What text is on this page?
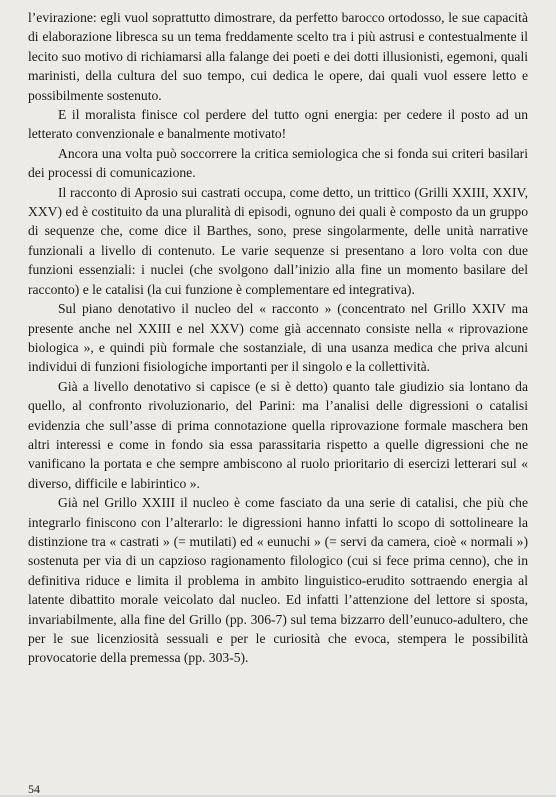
l’evirazione: egli vuol soprattutto dimostrare, da perfetto barocco ortodosso, le sue capacità di elaborazione libresca su un tema freddamente scelto tra i più astrusi e contestualmente il lecito suo motivo di richiamarsi alla falange dei poeti e dei dotti illusionisti, egemoni, quali marinisti, della cultura del suo tempo, cui dedica le opere, dai quali vuol essere letto e possibilmente sostenuto.

E il moralista finisce col perdere del tutto ogni energia: per cedere il posto ad un letterato convenzionale e banalmente motivato!

Ancora una volta può soccorrere la critica semiologica che si fonda sui criteri basilari dei processi di comunicazione.

Il racconto di Aprosio sui castrati occupa, come detto, un trittico (Grilli XXIII, XXIV, XXV) ed è costituito da una pluralità di episodi, ognuno dei quali è composto da un gruppo di sequenze che, come dice il Barthes, sono, prese singolarmente, delle unità narrative funzionali a livello di contenuto. Le varie sequenze si presentano a loro volta con due funzioni essenziali: i nuclei (che svolgono dall’inizio alla fine un momento basilare del racconto) e le catalisi (la cui funzione è complementare ed integrativa).

Sul piano denotativo il nucleo del « racconto » (concentrato nel Grillo XXIV ma presente anche nel XXIII e nel XXV) come già accennato consiste nella « riprovazione biologica », e quindi più formale che sostanziale, di una usanza medica che priva alcuni individui di funzioni fisiologiche importanti per il singolo e la collettività.

Già a livello denotativo si capisce (e si è detto) quanto tale giudizio sia lontano da quello, al confronto rivoluzionario, del Parini: ma l’analisi delle digressioni o catalisi evidenzia che sull’asse di prima connotazione quella riprovazione formale maschera ben altri interessi e come in fondo sia essa parassitaria rispetto a quelle digressioni che ne vanificano la portata e che sempre ambiscono al ruolo prioritario di esercizi letterari sul « diverso, difficile e labirintico ».

Già nel Grillo XXIII il nucleo è come fasciato da una serie di catalisi, che più che integrarlo finiscono con l’alterarlo: le digressioni hanno infatti lo scopo di sottolineare la distinzione tra « castrati » (= mutilati) ed « eunuchi » (= servi da camera, cioè « normali ») sostenuta per via di un capzioso ragionamento filologico (cui si fece prima cenno), che in definitiva riduce e limita il problema in ambito linguistico-erudito sottraendo energia al latente dibattito morale veicolato dal nucleo. Ed infatti l’attenzione del lettore si sposta, invariabilmente, alla fine del Grillo (pp. 306-7) sul tema bizzarro dell’eunuco-adultero, che per le sue licenziosità sessuali e per le curiosità che evoca, stempera le possibilità provocatorie della premessa (pp. 303-5).

54
